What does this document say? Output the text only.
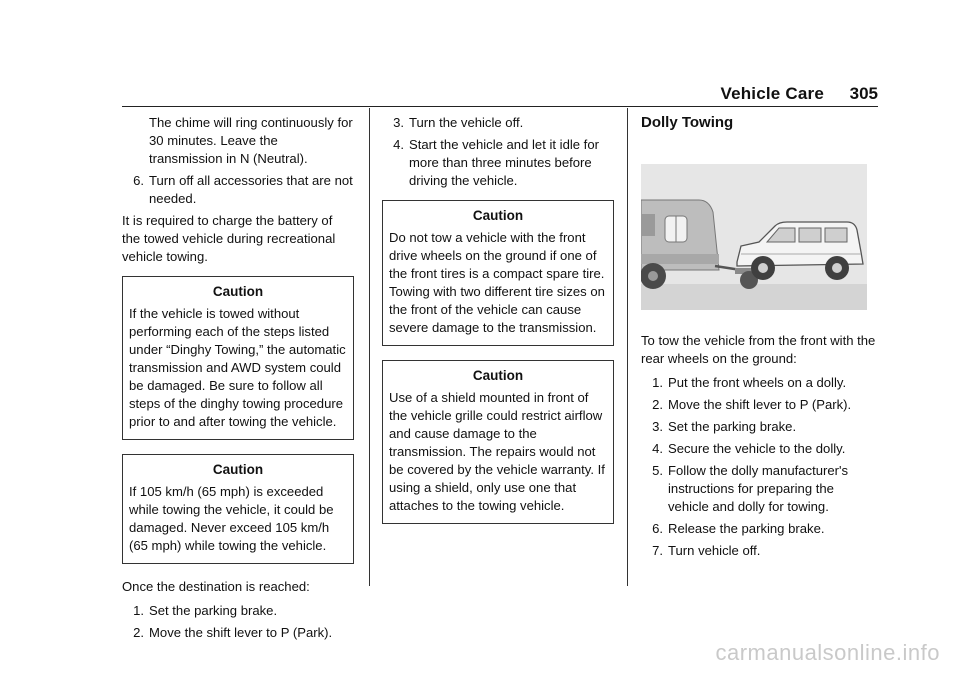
Vehicle Care 305
The chime will ring continuously for 30 minutes. Leave the transmission in N (Neutral).
6. Turn off all accessories that are not needed.

It is required to charge the battery of the towed vehicle during recreational vehicle towing.

Caution

If the vehicle is towed without performing each of the steps listed under “Dinghy Towing,” the automatic transmission and AWD system could be damaged. Be sure to follow all steps of the dinghy towing procedure prior to and after towing the vehicle.

Caution

If 105 km/h (65 mph) is exceeded while towing the vehicle, it could be damaged. Never exceed 105 km/h (65 mph) while towing the vehicle.

Once the destination is reached:

1. Set the parking brake.
2. Move the shift lever to P (Park).
3. Turn the vehicle off.
4. Start the vehicle and let it idle for more than three minutes before driving the vehicle.
Caution

Do not tow a vehicle with the front drive wheels on the ground if one of the front tires is a compact spare tire. Towing with two different tire sizes on the front of the vehicle can cause severe damage to the transmission.

Caution

Use of a shield mounted in front of the vehicle grille could restrict airflow and cause damage to the transmission. The repairs would not be covered by the vehicle warranty. If using a shield, only use one that attaches to the towing vehicle.

Dolly Towing

To tow the vehicle from the front with the rear wheels on the ground:

1. Put the front wheels on a dolly.
2. Move the shift lever to P (Park).
3. Set the parking brake.
4. Secure the vehicle to the dolly.
5. Follow the dolly manufacturer's instructions for preparing the vehicle and dolly for towing.
6. Release the parking brake.
7. Turn vehicle off.
carmanualsonline.info
